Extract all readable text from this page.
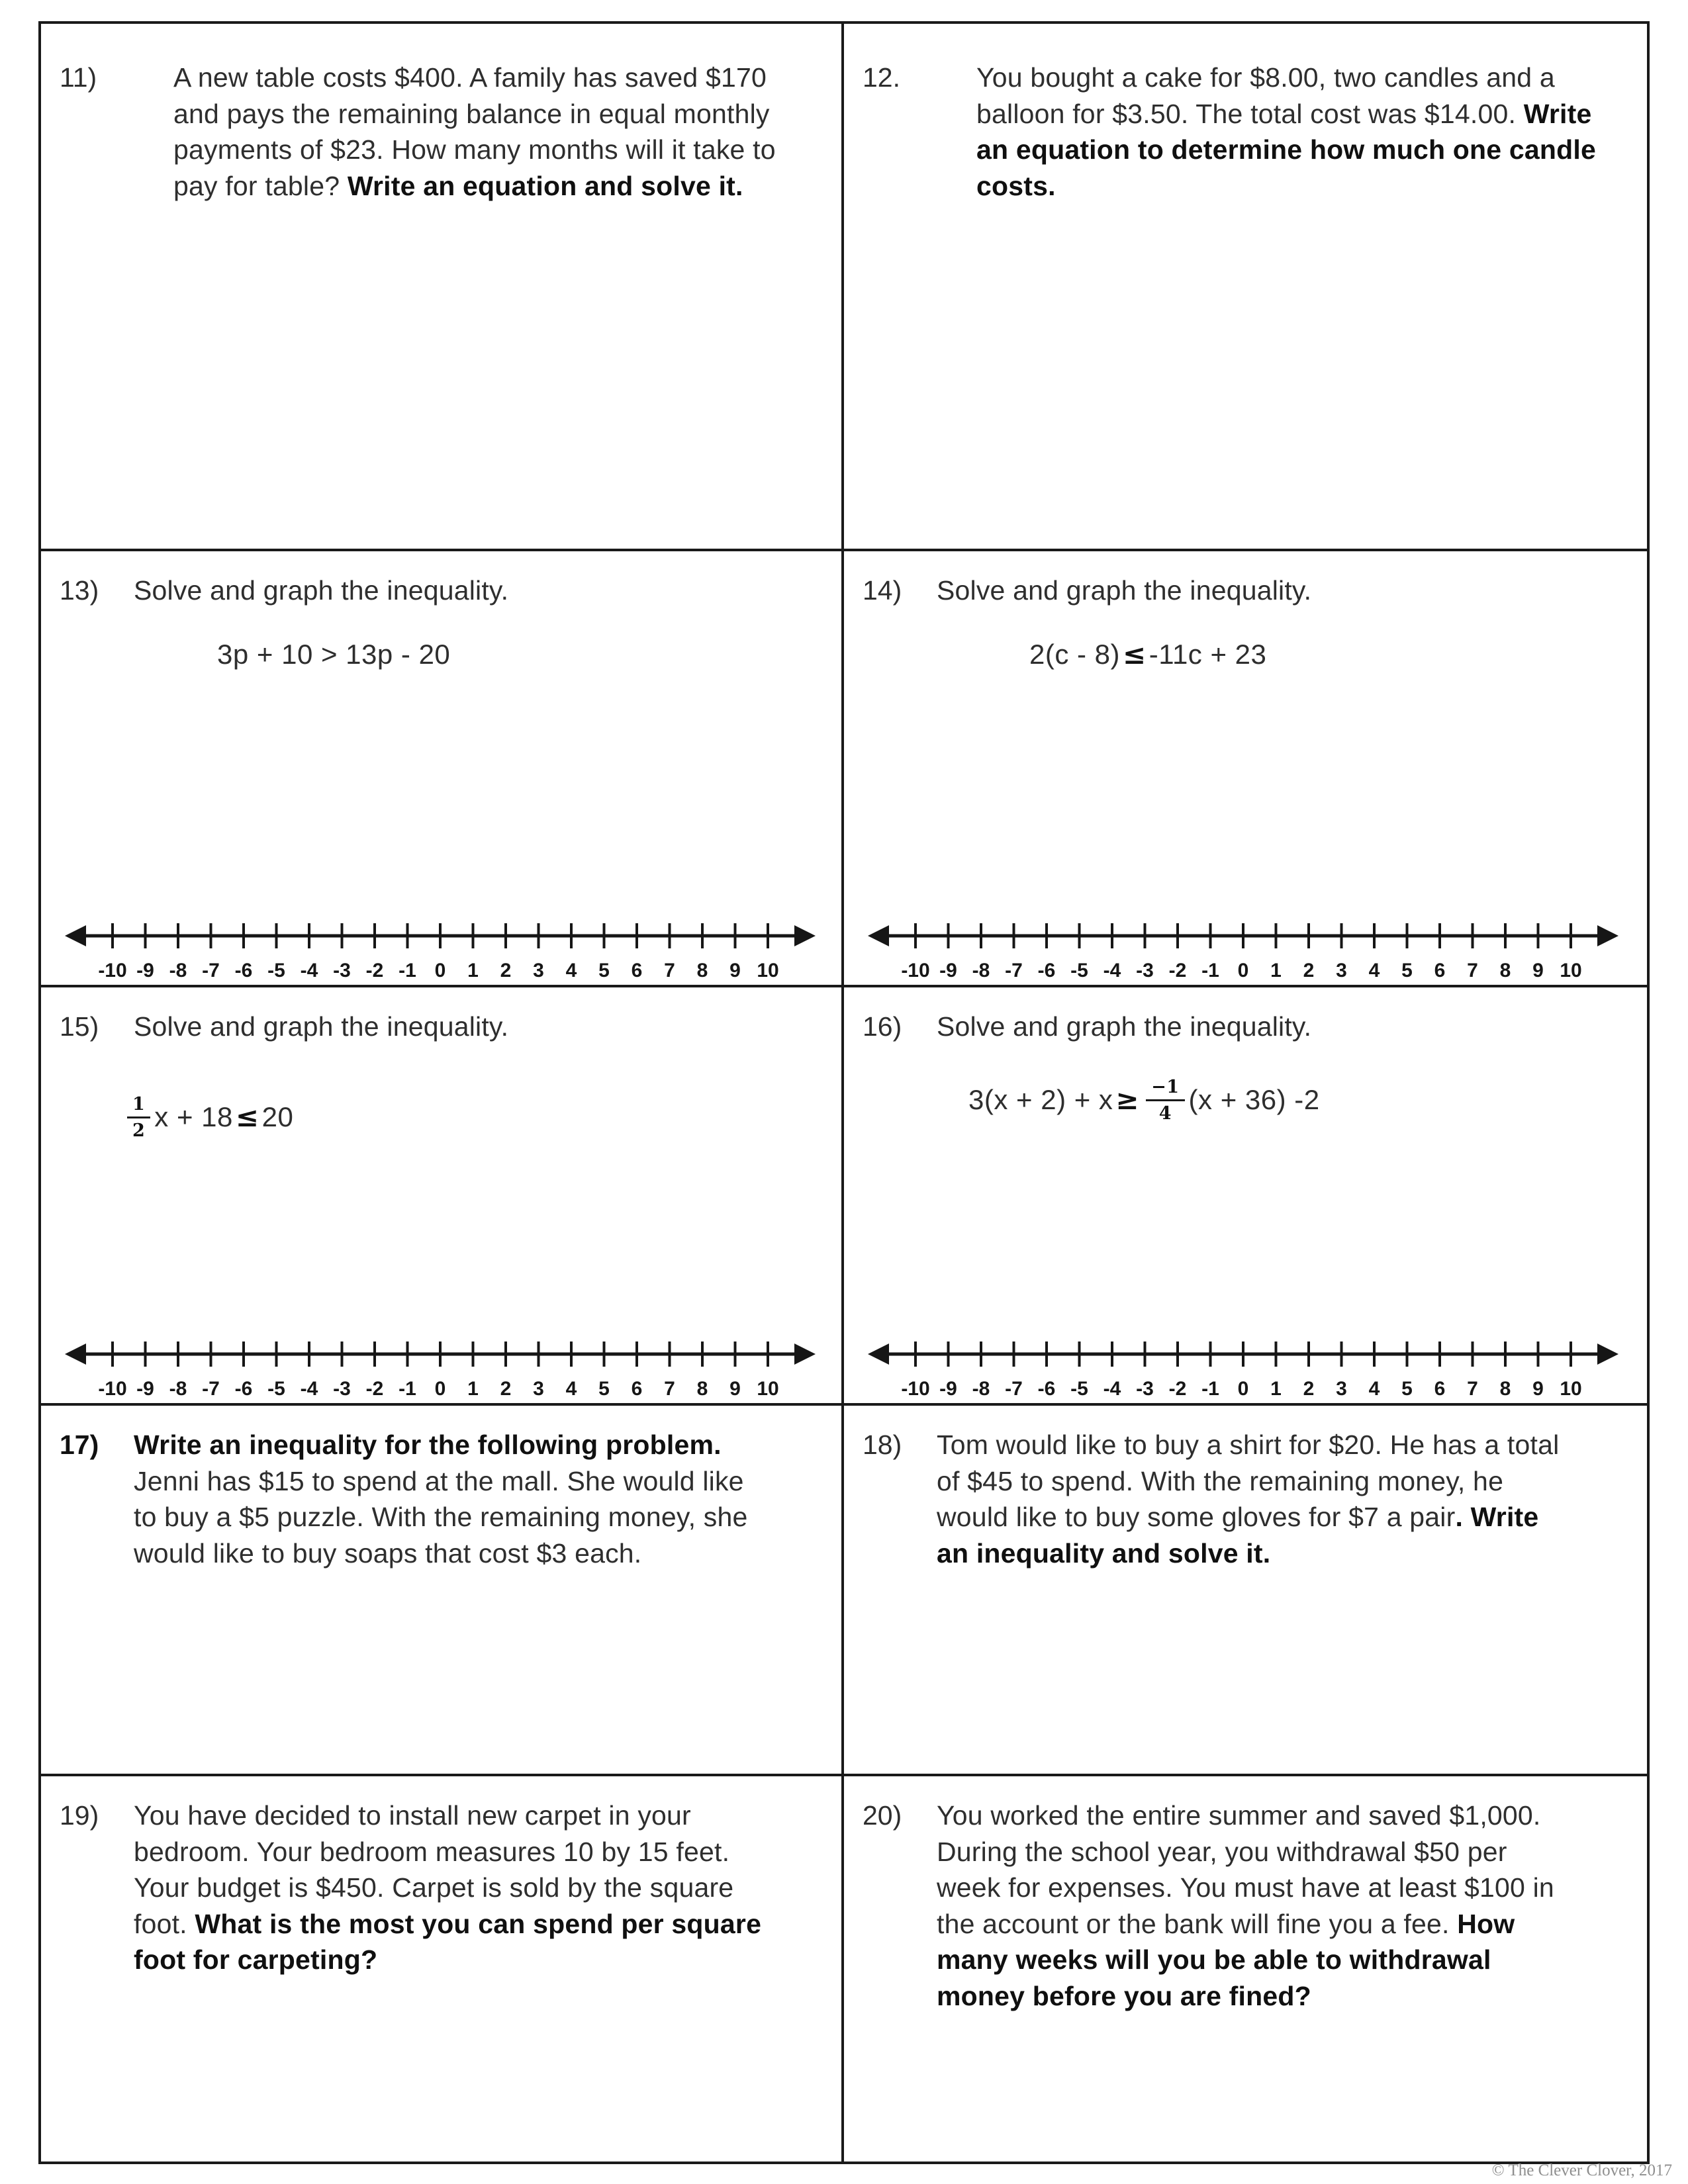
11)	A new table costs $400. A family has saved $170 and pays the remaining balance in equal monthly payments of $23. How many months will it take to pay for table? Write an equation and solve it.
12.	You bought a cake for $8.00, two candles and a balloon for $3.50. The total cost was $14.00. Write an equation to determine how much one candle costs.
13)	Solve and graph the inequality.
3p + 10 > 13p - 20
-10 -9 -8 -7 -6 -5 -4 -3 -2 -1 0 1 2 3 4 5 6 7 8 9 10
14)	Solve and graph the inequality.
2(c - 8) ≤ -11c + 23
-10 -9 -8 -7 -6 -5 -4 -3 -2 -1 0 1 2 3 4 5 6 7 8 9 10
15)	Solve and graph the inequality.
$\frac{1}{2}$ x + 18 ≤ 20
-10 -9 -8 -7 -6 -5 -4 -3 -2 -1 0 1 2 3 4 5 6 7 8 9 10
16)	Solve and graph the inequality.
$3(x + 2) + x \ge \frac{-1}{4} (x + 36)$ -2
-10 -9 -8 -7 -6 -5 -4 -3 -2 -1 0 1 2 3 4 5 6 7 8 9 10
17)	Write an inequality for the following problem. Jenni has $15 to spend at the mall. She would like to buy a $5 puzzle. With the remaining money, she would like to buy soaps that cost $3 each.
18)	Tom would like to buy a shirt for $20. He has a total of $45 to spend. With the remaining money, he would like to buy some gloves for $7 a pair. Write an inequality and solve it.
19)	You have decided to install new carpet in your bedroom. Your bedroom measures 10 by 15 feet. Your budget is $450. Carpet is sold by the square foot. What is the most you can spend per square foot for carpeting?
20)	You worked the entire summer and saved $1,000. During the school year, you withdrawal $50 per week for expenses. You must have at least $100 in the account or the bank will fine you a fee. How many weeks will you be able to withdrawal money before you are fined?
© The Clever Clover, 2017
